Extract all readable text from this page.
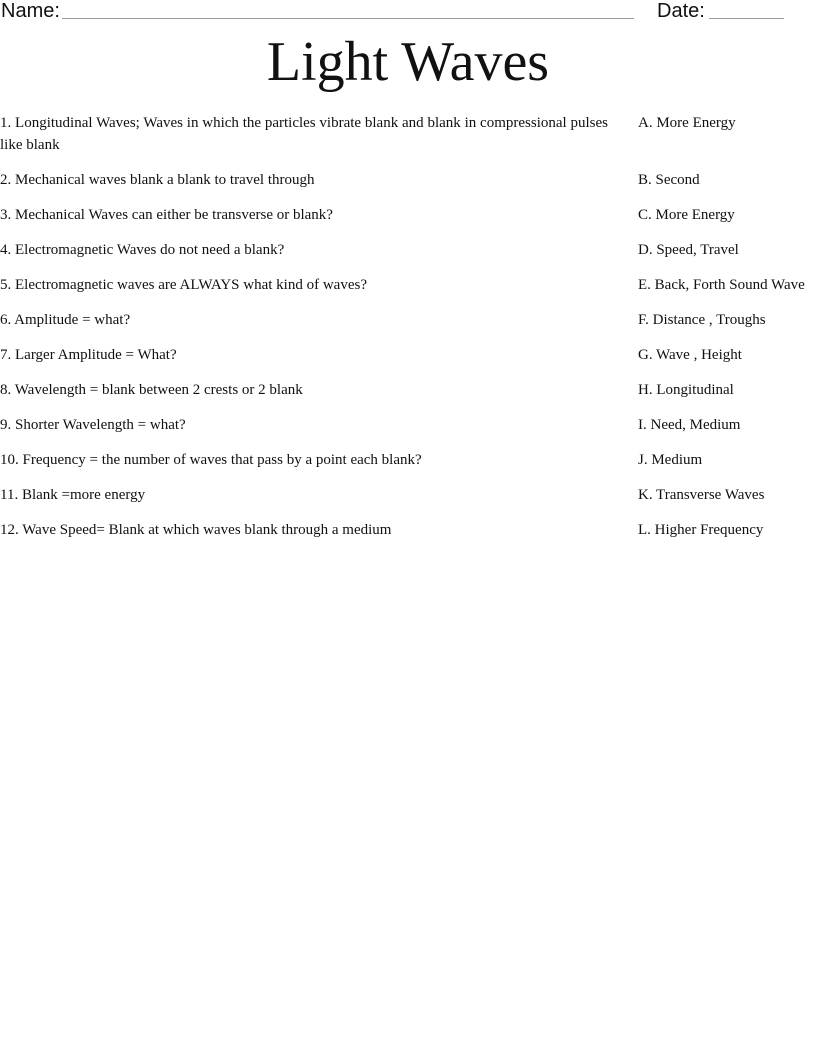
Name:	Date:
Light Waves
1. Longitudinal Waves; Waves in which the particles vibrate blank and blank in compressional pulses like blank
2. Mechanical waves blank a blank to travel through
3. Mechanical Waves can either be transverse or blank?
4. Electromagnetic Waves do not need a blank?
5. Electromagnetic waves are ALWAYS what kind of waves?
6. Amplitude = what?
7. Larger Amplitude = What?
8. Wavelength = blank between 2 crests or 2 blank
9. Shorter Wavelength = what?
10. Frequency = the number of waves that pass by a point each blank?
11. Blank =more energy
12. Wave Speed= Blank at which waves blank through a medium
A. More Energy
B. Second
C. More Energy
D. Speed, Travel
E. Back, Forth Sound Wave
F. Distance , Troughs
G. Wave , Height
H. Longitudinal
I. Need, Medium
J. Medium
K. Transverse Waves
L. Higher Frequency
